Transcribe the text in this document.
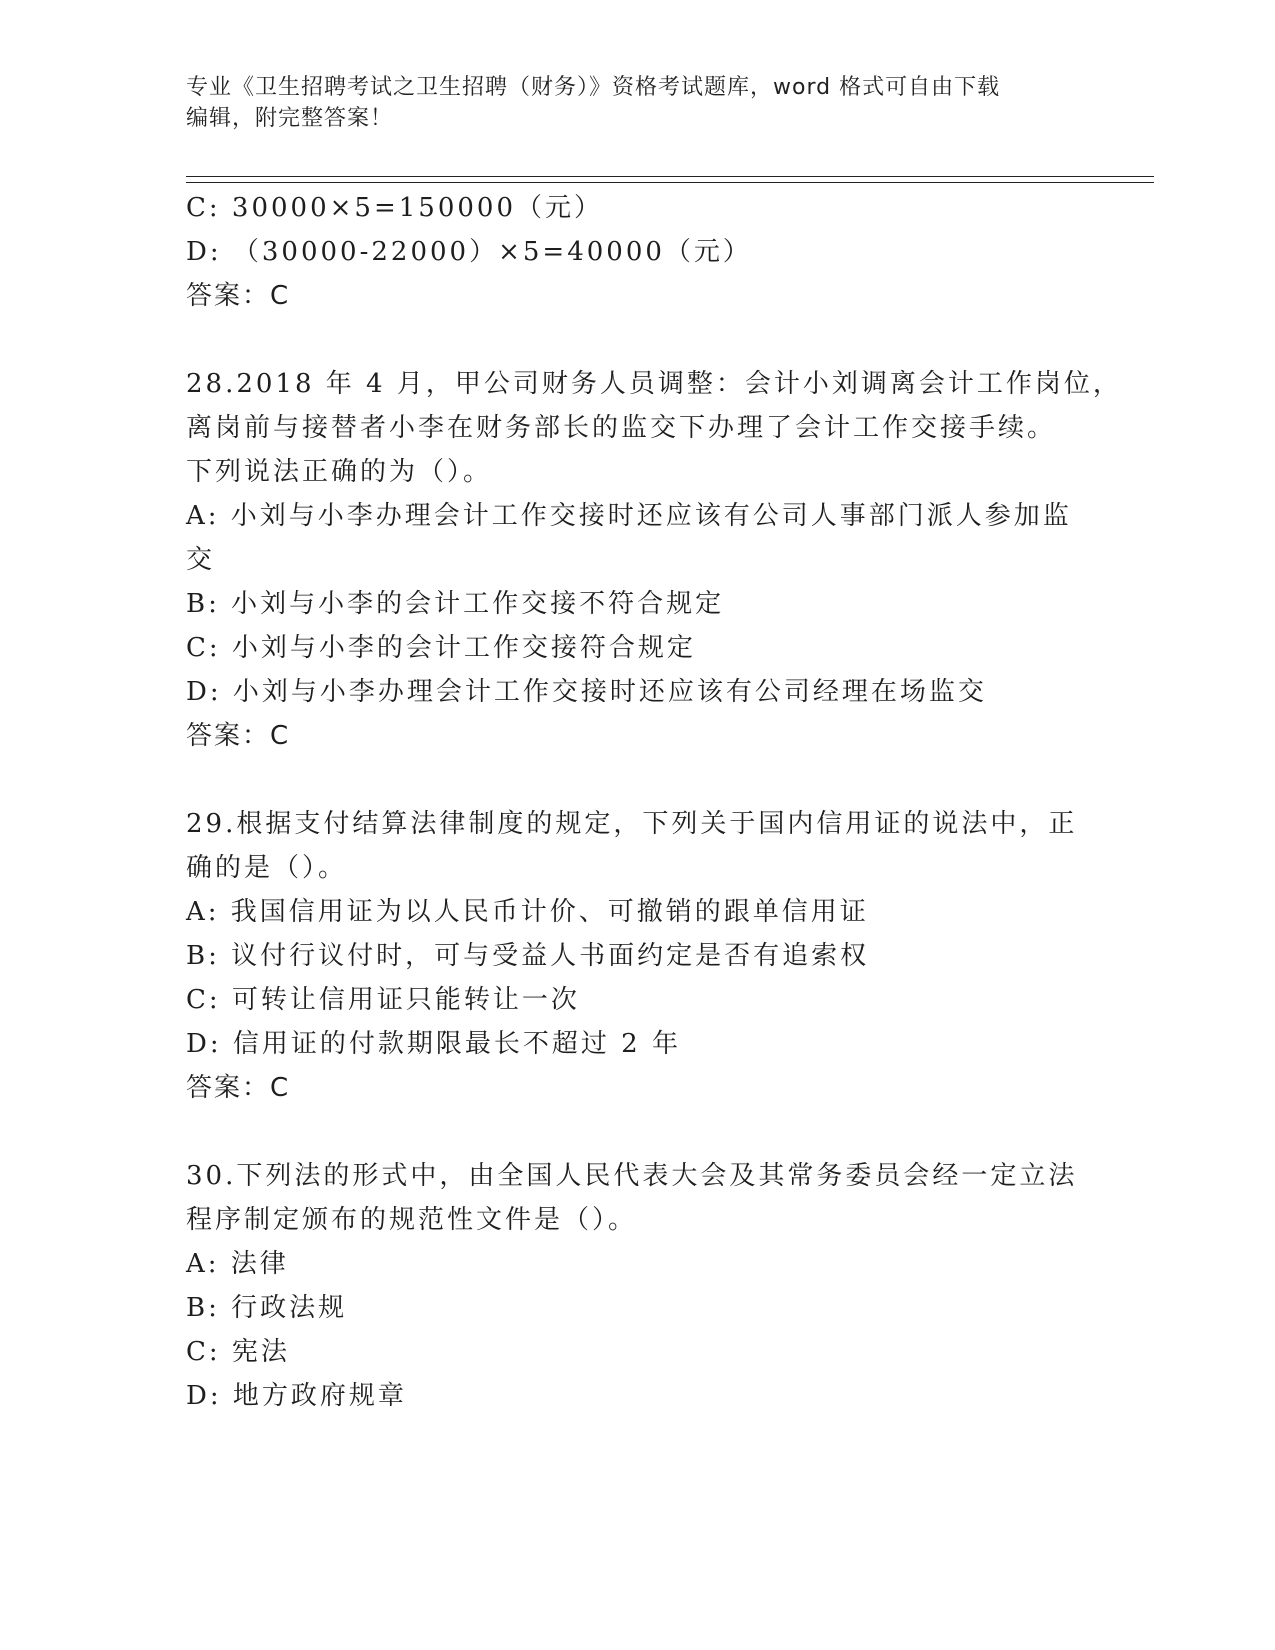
专业《卫生招聘考试之卫生招聘（财务）》资格考试题库，word 格式可自由下载
编辑，附完整答案！
C: 30000×5=150000（元）
D: （30000-22000）×5=40000（元）
答案：C
28.2018 年 4 月，甲公司财务人员调整：会计小刘调离会计工作岗位，
离岗前与接替者小李在财务部长的监交下办理了会计工作交接手续。
下列说法正确的为（）。
A: 小刘与小李办理会计工作交接时还应该有公司人事部门派人参加监
交
B: 小刘与小李的会计工作交接不符合规定
C: 小刘与小李的会计工作交接符合规定
D: 小刘与小李办理会计工作交接时还应该有公司经理在场监交
答案：C
29.根据支付结算法律制度的规定，下列关于国内信用证的说法中，正
确的是（）。
A: 我国信用证为以人民币计价、可撤销的跟单信用证
B: 议付行议付时，可与受益人书面约定是否有追索权
C: 可转让信用证只能转让一次
D: 信用证的付款期限最长不超过 2 年
答案：C
30.下列法的形式中，由全国人民代表大会及其常务委员会经一定立法
程序制定颁布的规范性文件是（）。
A: 法律
B: 行政法规
C: 宪法
D: 地方政府规章
